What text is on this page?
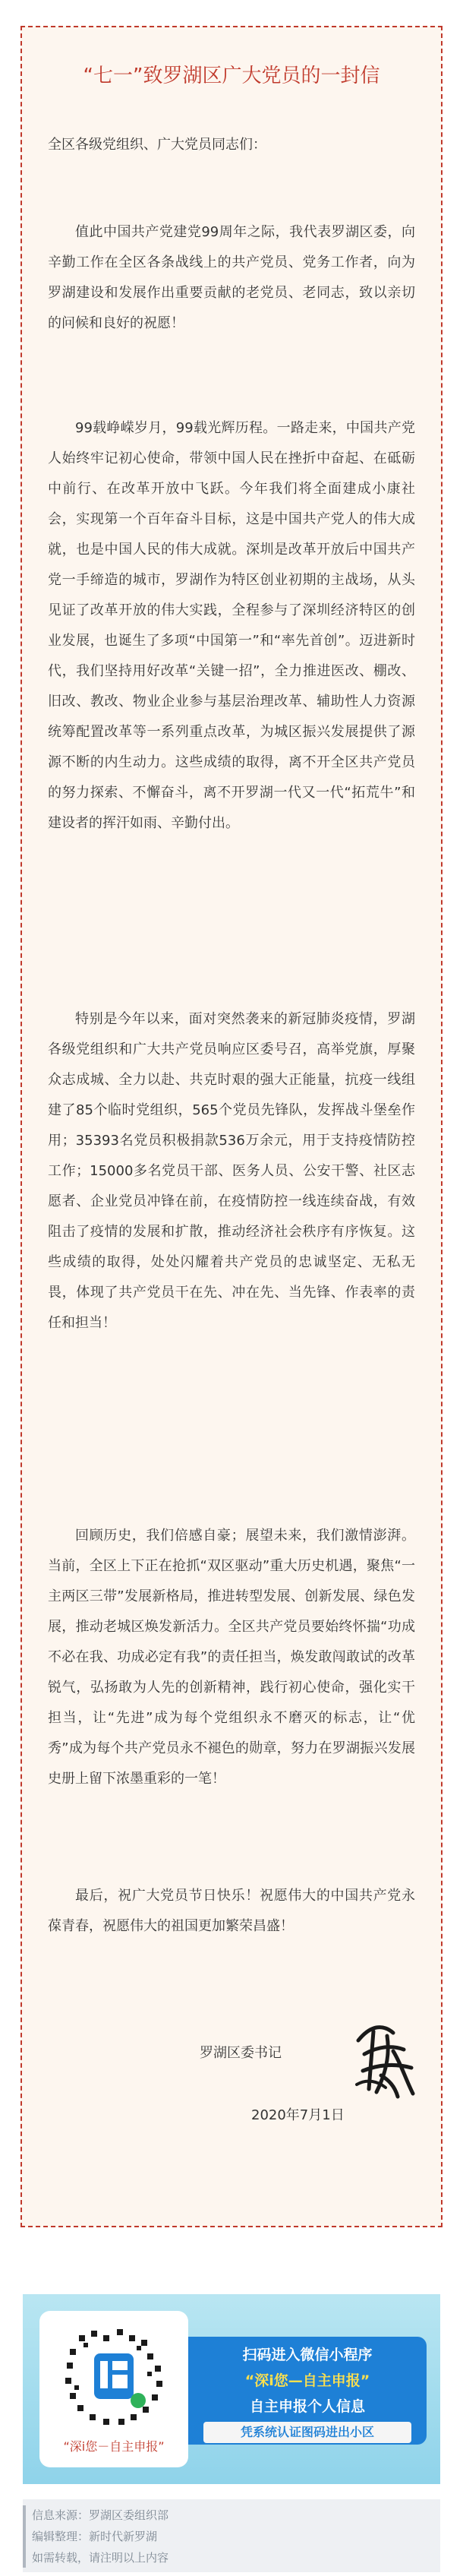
“七一”致罗湖区广大党员的一封信

全区各级党组织、广大党员同志们：

值此中国共产党建党99周年之际，我代表罗湖区委，向辛勤工作在全区各条战线上的共产党员、党务工作者，向为罗湖建设和发展作出重要贡献的老党员、老同志，致以亲切的问候和良好的祝愿！

99载峥嵘岁月，99载光辉历程。一路走来，中国共产党人始终牢记初心使命，带领中国人民在挫折中奋起、在砥砺中前行、在改革开放中飞跃。今年我们将全面建成小康社会，实现第一个百年奋斗目标，这是中国共产党人的伟大成就，也是中国人民的伟大成就。深圳是改革开放后中国共产党一手缔造的城市，罗湖作为特区创业初期的主战场，从头见证了改革开放的伟大实践，全程参与了深圳经济特区的创业发展，也诞生了多项“中国第一”和“率先首创”。迈进新时代，我们坚持用好改革“关键一招”，全力推进医改、棚改、旧改、教改、物业企业参与基层治理改革、辅助性人力资源统筹配置改革等一系列重点改革，为城区振兴发展提供了源源不断的内生动力。这些成绩的取得，离不开全区共产党员的努力探索、不懈奋斗，离不开罗湖一代又一代“拓荒牛”和建设者的挥汗如雨、辛勤付出。

特别是今年以来，面对突然袭来的新冠肺炎疫情，罗湖各级党组织和广大共产党员响应区委号召，高举党旗，厚聚众志成城、全力以赴、共克时艰的强大正能量，抗疫一线组建了85个临时党组织，565个党员先锋队，发挥战斗堡垒作用；35393名党员积极捐款536万余元，用于支持疫情防控工作；15000多名党员干部、医务人员、公安干警、社区志愿者、企业党员冲锋在前，在疫情防控一线连续奋战，有效阻击了疫情的发展和扩散，推动经济社会秩序有序恢复。这些成绩的取得，处处闪耀着共产党员的忠诚坚定、无私无畏，体现了共产党员干在先、冲在先、当先锋、作表率的责任和担当！

回顾历史，我们倍感自豪；展望未来，我们激情澎湃。当前，全区上下正在抢抓“双区驱动”重大历史机遇，聚焦“一主两区三带”发展新格局，推进转型发展、创新发展、绿色发展，推动老城区焕发新活力。全区共产党员要始终怀揣“功成不必在我、功成必定有我”的责任担当，焕发敢闯敢试的改革锐气，弘扬敢为人先的创新精神，践行初心使命，强化实干担当，让“先进”成为每个党组织永不磨灭的标志，让“优秀”成为每个共产党员永不褪色的勋章，努力在罗湖振兴发展史册上留下浓墨重彩的一笔！

最后，祝广大党员节日快乐！祝愿伟大的中国共产党永葆青春，祝愿伟大的祖国更加繁荣昌盛！

罗湖区委书记

2020年7月1日

“深i您－自主申报”

扫码进入微信小程序

“深i您—自主申报”

自主申报个人信息

凭系统认证图码进出小区

信息来源：罗湖区委组织部

编辑整理：新时代新罗湖

如需转载，请注明以上内容
